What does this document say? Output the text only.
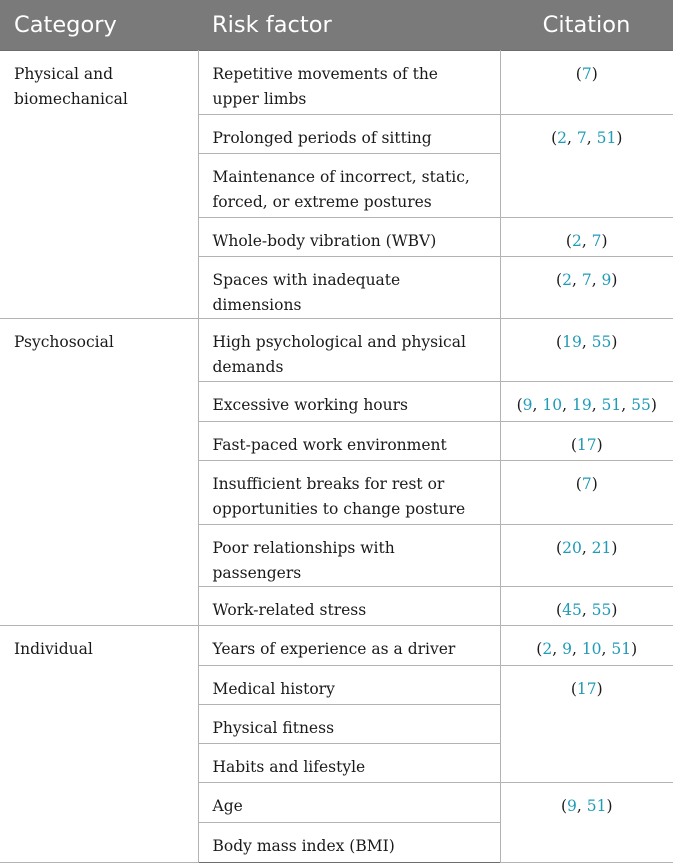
Category	Risk factor	Citation
Physical and biomechanical	Repetitive movements of the upper limbs	(7)
	Prolonged periods of sitting	(2, 7, 51)
	Maintenance of incorrect, static, forced, or extreme postures	
	Whole-body vibration (WBV)	(2, 7)
	Spaces with inadequate dimensions	(2, 7, 9)
Psychosocial	High psychological and physical demands	(19, 55)
	Excessive working hours	(9, 10, 19, 51, 55)
	Fast-paced work environment	(17)
	Insufficient breaks for rest or opportunities to change posture	(7)
	Poor relationships with passengers	(20, 21)
	Work-related stress	(45, 55)
Individual	Years of experience as a driver	(2, 9, 10, 51)
	Medical history	(17)
	Physical fitness	
	Habits and lifestyle	
	Age	(9, 51)
	Body mass index (BMI)	
